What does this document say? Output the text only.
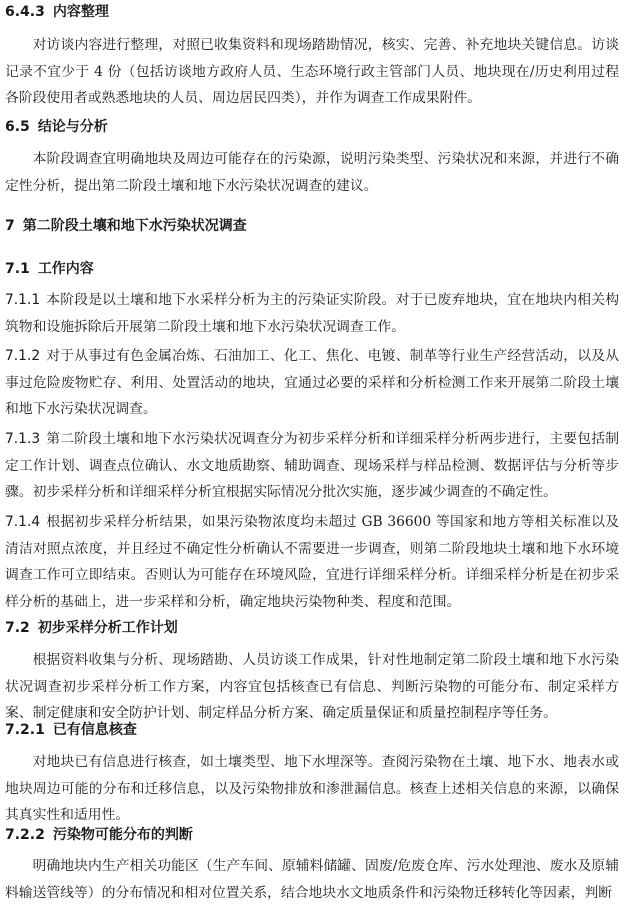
6.4.3 内容整理

对访谈内容进行整理，对照已收集资料和现场踏勘情况，核实、完善、补充地块关键信息。访谈记录不宜少于 4 份（包括访谈地方政府人员、生态环境行政主管部门人员、地块现在/历史利用过程各阶段使用者或熟悉地块的人员、周边居民四类），并作为调查工作成果附件。

6.5 结论与分析

本阶段调查宜明确地块及周边可能存在的污染源，说明污染类型、污染状况和来源，并进行不确定性分析，提出第二阶段土壤和地下水污染状况调查的建议。

7 第二阶段土壤和地下水污染状况调查
7.1 工作内容

7.1.1 本阶段是以土壤和地下水采样分析为主的污染证实阶段。对于已废弃地块，宜在地块内相关构筑物和设施拆除后开展第二阶段土壤和地下水污染状况调查工作。

7.1.2 对于从事过有色金属冶炼、石油加工、化工、焦化、电镀、制革等行业生产经营活动，以及从事过危险废物贮存、利用、处置活动的地块，宜通过必要的采样和分析检测工作来开展第二阶段土壤和地下水污染状况调查。

7.1.3 第二阶段土壤和地下水污染状况调查分为初步采样分析和详细采样分析两步进行，主要包括制定工作计划、调查点位确认、水文地质勘察、辅助调查、现场采样与样品检测、数据评估与分析等步骤。初步采样分析和详细采样分析宜根据实际情况分批次实施，逐步减少调查的不确定性。

7.1.4 根据初步采样分析结果，如果污染物浓度均未超过 GB 36600 等国家和地方等相关标准以及清洁对照点浓度，并且经过不确定性分析确认不需要进一步调查，则第二阶段地块土壤和地下水环境调查工作可立即结束。否则认为可能存在环境风险，宜进行详细采样分析。详细采样分析是在初步采样分析的基础上，进一步采样和分析，确定地块污染物种类、程度和范围。

7.2 初步采样分析工作计划

根据资料收集与分析、现场踏勘、人员访谈工作成果，针对性地制定第二阶段土壤和地下水污染状况调查初步采样分析工作方案，内容宜包括核查已有信息、判断污染物的可能分布、制定采样方案、制定健康和安全防护计划、制定样品分析方案、确定质量保证和质量控制程序等任务。

7.2.1 已有信息核查

对地块已有信息进行核查，如土壤类型、地下水埋深等。查阅污染物在土壤、地下水、地表水或地块周边可能的分布和迁移信息，以及污染物排放和渗泄漏信息。核查上述相关信息的来源，以确保其真实性和适用性。

7.2.2 污染物可能分布的判断

明确地块内生产相关功能区（生产车间、原辅料储罐、固废/危废仓库、污水处理池、废水及原辅料输送管线等）的分布情况和相对位置关系，结合地块水文地质条件和污染物迁移转化等因素，判断
